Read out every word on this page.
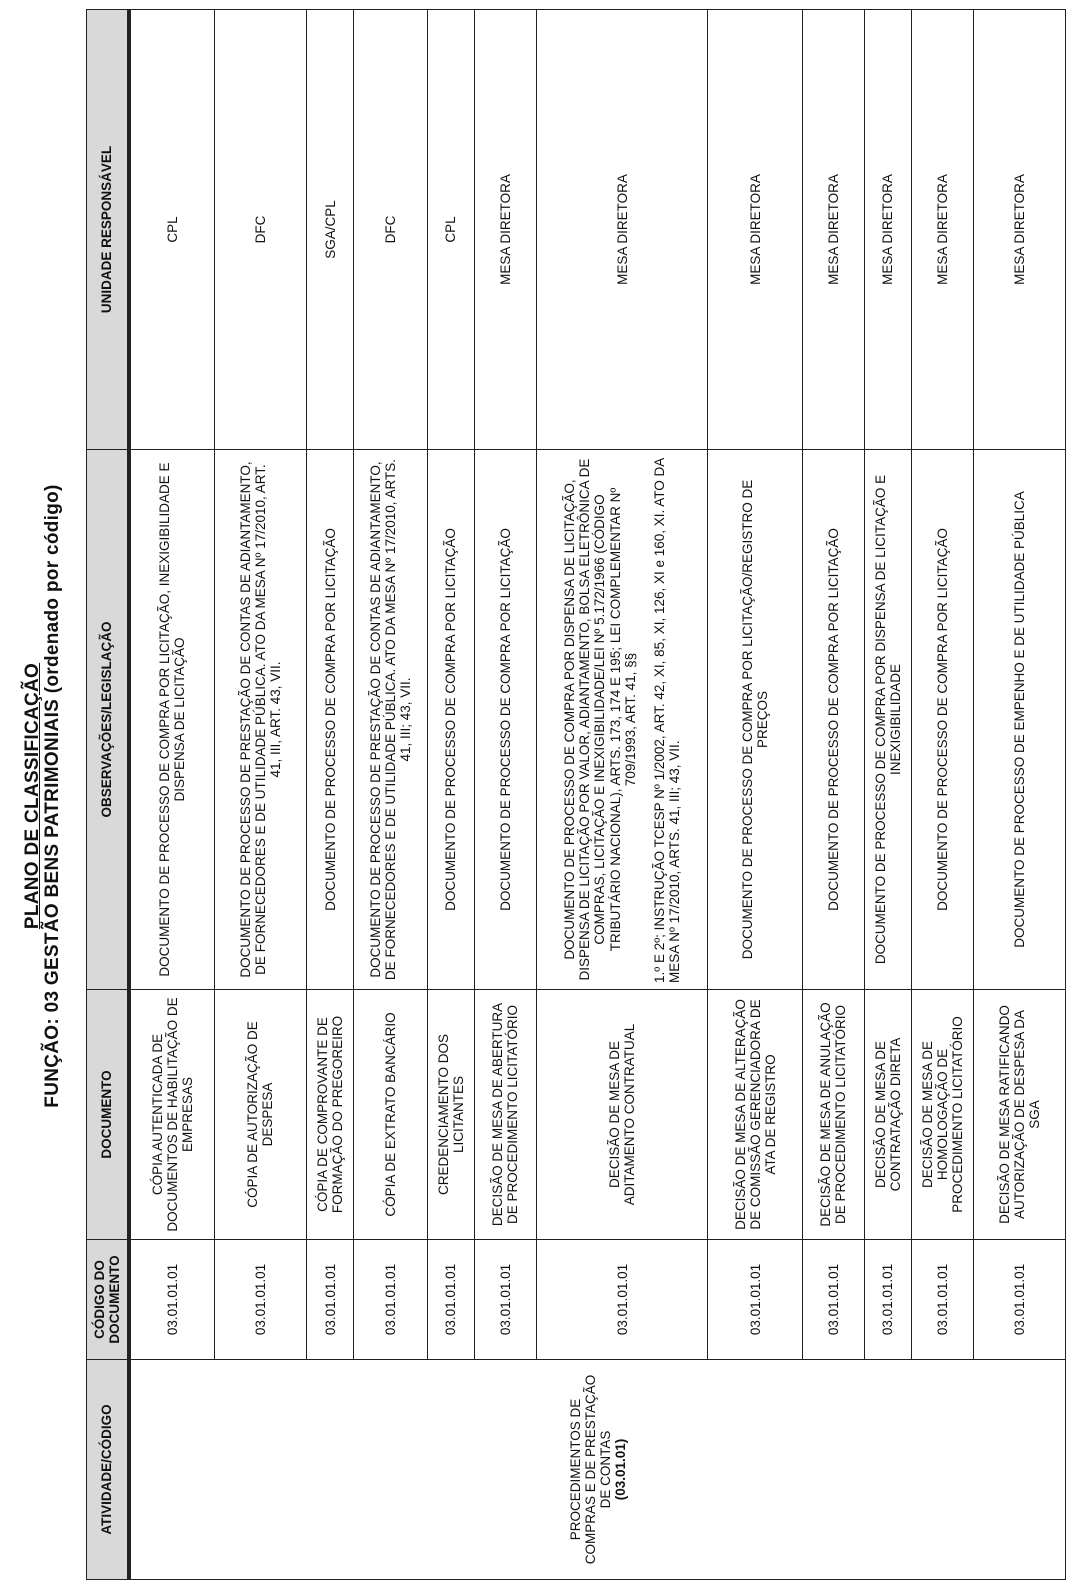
PLANO DE CLASSIFICAÇÃO FUNÇÃO: 03 GESTÃO BENS PATRIMONIAIS (ordenado por código)
ATIVIDADE/CÓDIGO	CÓDIGO DO DOCUMENTO	DOCUMENTO	OBSERVAÇÕES/LEGISLAÇÃO	UNIDADE RESPONSÁVEL

PROCEDIMENTOS DE COMPRAS E DE PRESTAÇÃO DE CONTAS (03.01.01)	03.01.01.01	CÓPIA AUTENTICADA DE DOCUMENTOS DE HABILITAÇÃO DE EMPRESAS	DOCUMENTO DE PROCESSO DE COMPRA POR LICITAÇÃO, INEXIGIBILIDADE E DISPENSA DE LICITAÇÃO	CPL

	03.01.01.01	CÓPIA DE AUTORIZAÇÃO DE DESPESA	DOCUMENTO DE PROCESSO DE PRESTAÇÃO DE CONTAS DE ADIANTAMENTO, DE FORNECEDORES E DE UTILIDADE PÚBLICA. ATO DA MESA Nº 17/2010, ART. 41, III, ART. 43, VII.	DFC

	03.01.01.01	CÓPIA DE COMPROVANTE DE FORMAÇÃO DO PREGOREIRO	DOCUMENTO DE PROCESSO DE COMPRA POR LICITAÇÃO	SGA/CPL

	03.01.01.01	CÓPIA DE EXTRATO BANCÁRIO	DOCUMENTO DE PROCESSO DE PRESTAÇÃO DE CONTAS DE ADIANTAMENTO, DE FORNECEDORES E DE UTILIDADE PÚBLICA. ATO DA MESA Nº 17/2010, ARTS. 41, III; 43, VII.	DFC

	03.01.01.01	CREDENCIAMENTO DOS LICITANTES	DOCUMENTO DE PROCESSO DE COMPRA POR LICITAÇÃO	CPL

	03.01.01.01	DECISÃO DE MESA DE ABERTURA DE PROCEDIMENTO LICITATÓRIO	DOCUMENTO DE PROCESSO DE COMPRA POR LICITAÇÃO	MESA DIRETORA

	03.01.01.01	DECISÃO DE MESA DE ADITAMENTO CONTRATUAL	DOCUMENTO DE PROCESSO DE COMPRA POR DISPENSA DE LICITAÇÃO, DISPENSA DE LICITAÇÃO POR VALOR, ADIANTAMENTO, BOLSA ELETRÔNICA DE COMPRAS, LICITAÇÃO E INEXIGIBILIDADE/LEI Nº 5.172/1966 (CÓDIGO TRIBUTÁRIO NACIONAL), ARTS. 173, 174 E 195; LEI COMPLEMENTAR Nº 709/1993, ART. 41, §§ 1.º E 2º; INSTRUÇÃO TCESP Nº 1/2002, ART. 42, XI, 85, XI, 126, XI e 160, XI. ATO DA MESA Nº 17/2010, ARTS. 41, III; 43, VII.	MESA DIRETORA

	03.01.01.01	DECISÃO DE MESA DE ALTERAÇÃO DE COMISSÃO GERENCIADORA DE ATA DE REGISTRO	DOCUMENTO DE PROCESSO DE COMPRA POR LICITAÇÃO/REGISTRO DE PREÇOS	MESA DIRETORA

	03.01.01.01	DECISÃO DE MESA DE ANULAÇÃO DE PROCEDIMENTO LICITATÓRIO	DOCUMENTO DE PROCESSO DE COMPRA POR LICITAÇÃO	MESA DIRETORA

	03.01.01.01	DECISÃO DE MESA DE CONTRATAÇÃO DIRETA	DOCUMENTO DE PROCESSO DE COMPRA POR DISPENSA DE LICITAÇÃO E INEXIGIBILIDADE	MESA DIRETORA

	03.01.01.01	DECISÃO DE MESA DE HOMOLOGAÇÃO DE PROCEDIMENTO LICITATÓRIO	DOCUMENTO DE PROCESSO DE COMPRA POR LICITAÇÃO	MESA DIRETORA

	03.01.01.01	DECISÃO DE MESA RATIFICANDO AUTORIZAÇÃO DE DESPESA DA SGA	DOCUMENTO DE PROCESSO DE EMPENHO E DE UTILIDADE PÚBLICA	MESA DIRETORA
